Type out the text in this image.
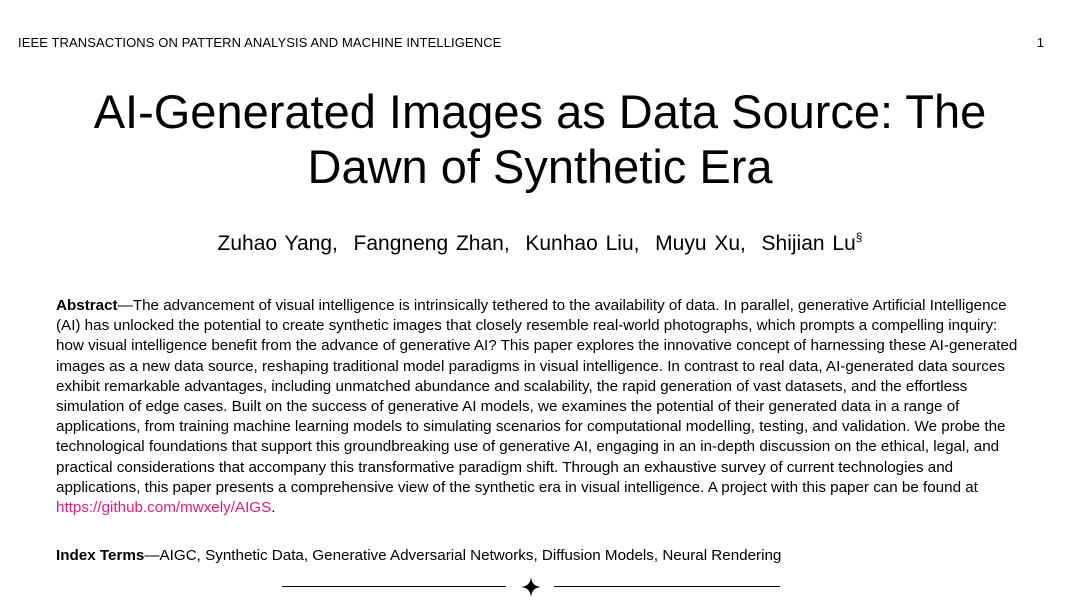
IEEE TRANSACTIONS ON PATTERN ANALYSIS AND MACHINE INTELLIGENCE	1
AI-Generated Images as Data Source: The
Dawn of Synthetic Era
Zuhao Yang,  Fangneng Zhan,  Kunhao Liu,  Muyu Xu,  Shijian Lu§

Abstract—The advancement of visual intelligence is intrinsically tethered to the availability of data. In parallel, generative Artificial Intelligence (AI) has unlocked the potential to create synthetic images that closely resemble real-world photographs, which prompts a compelling inquiry: how visual intelligence benefit from the advance of generative AI? This paper explores the innovative concept of harnessing these AI-generated images as a new data source, reshaping traditional model paradigms in visual intelligence. In contrast to real data, AI-generated data sources exhibit remarkable advantages, including unmatched abundance and scalability, the rapid generation of vast datasets, and the effortless simulation of edge cases. Built on the success of generative AI models, we examines the potential of their generated data in a range of applications, from training machine learning models to simulating scenarios for computational modelling, testing, and validation. We probe the technological foundations that support this groundbreaking use of generative AI, engaging in an in-depth discussion on the ethical, legal, and practical considerations that accompany this transformative paradigm shift. Through an exhaustive survey of current technologies and applications, this paper presents a comprehensive view of the synthetic era in visual intelligence. A project with this paper can be found at https://github.com/mwxely/AIGS.

Index Terms—AIGC, Synthetic Data, Generative Adversarial Networks, Diffusion Models, Neural Rendering
